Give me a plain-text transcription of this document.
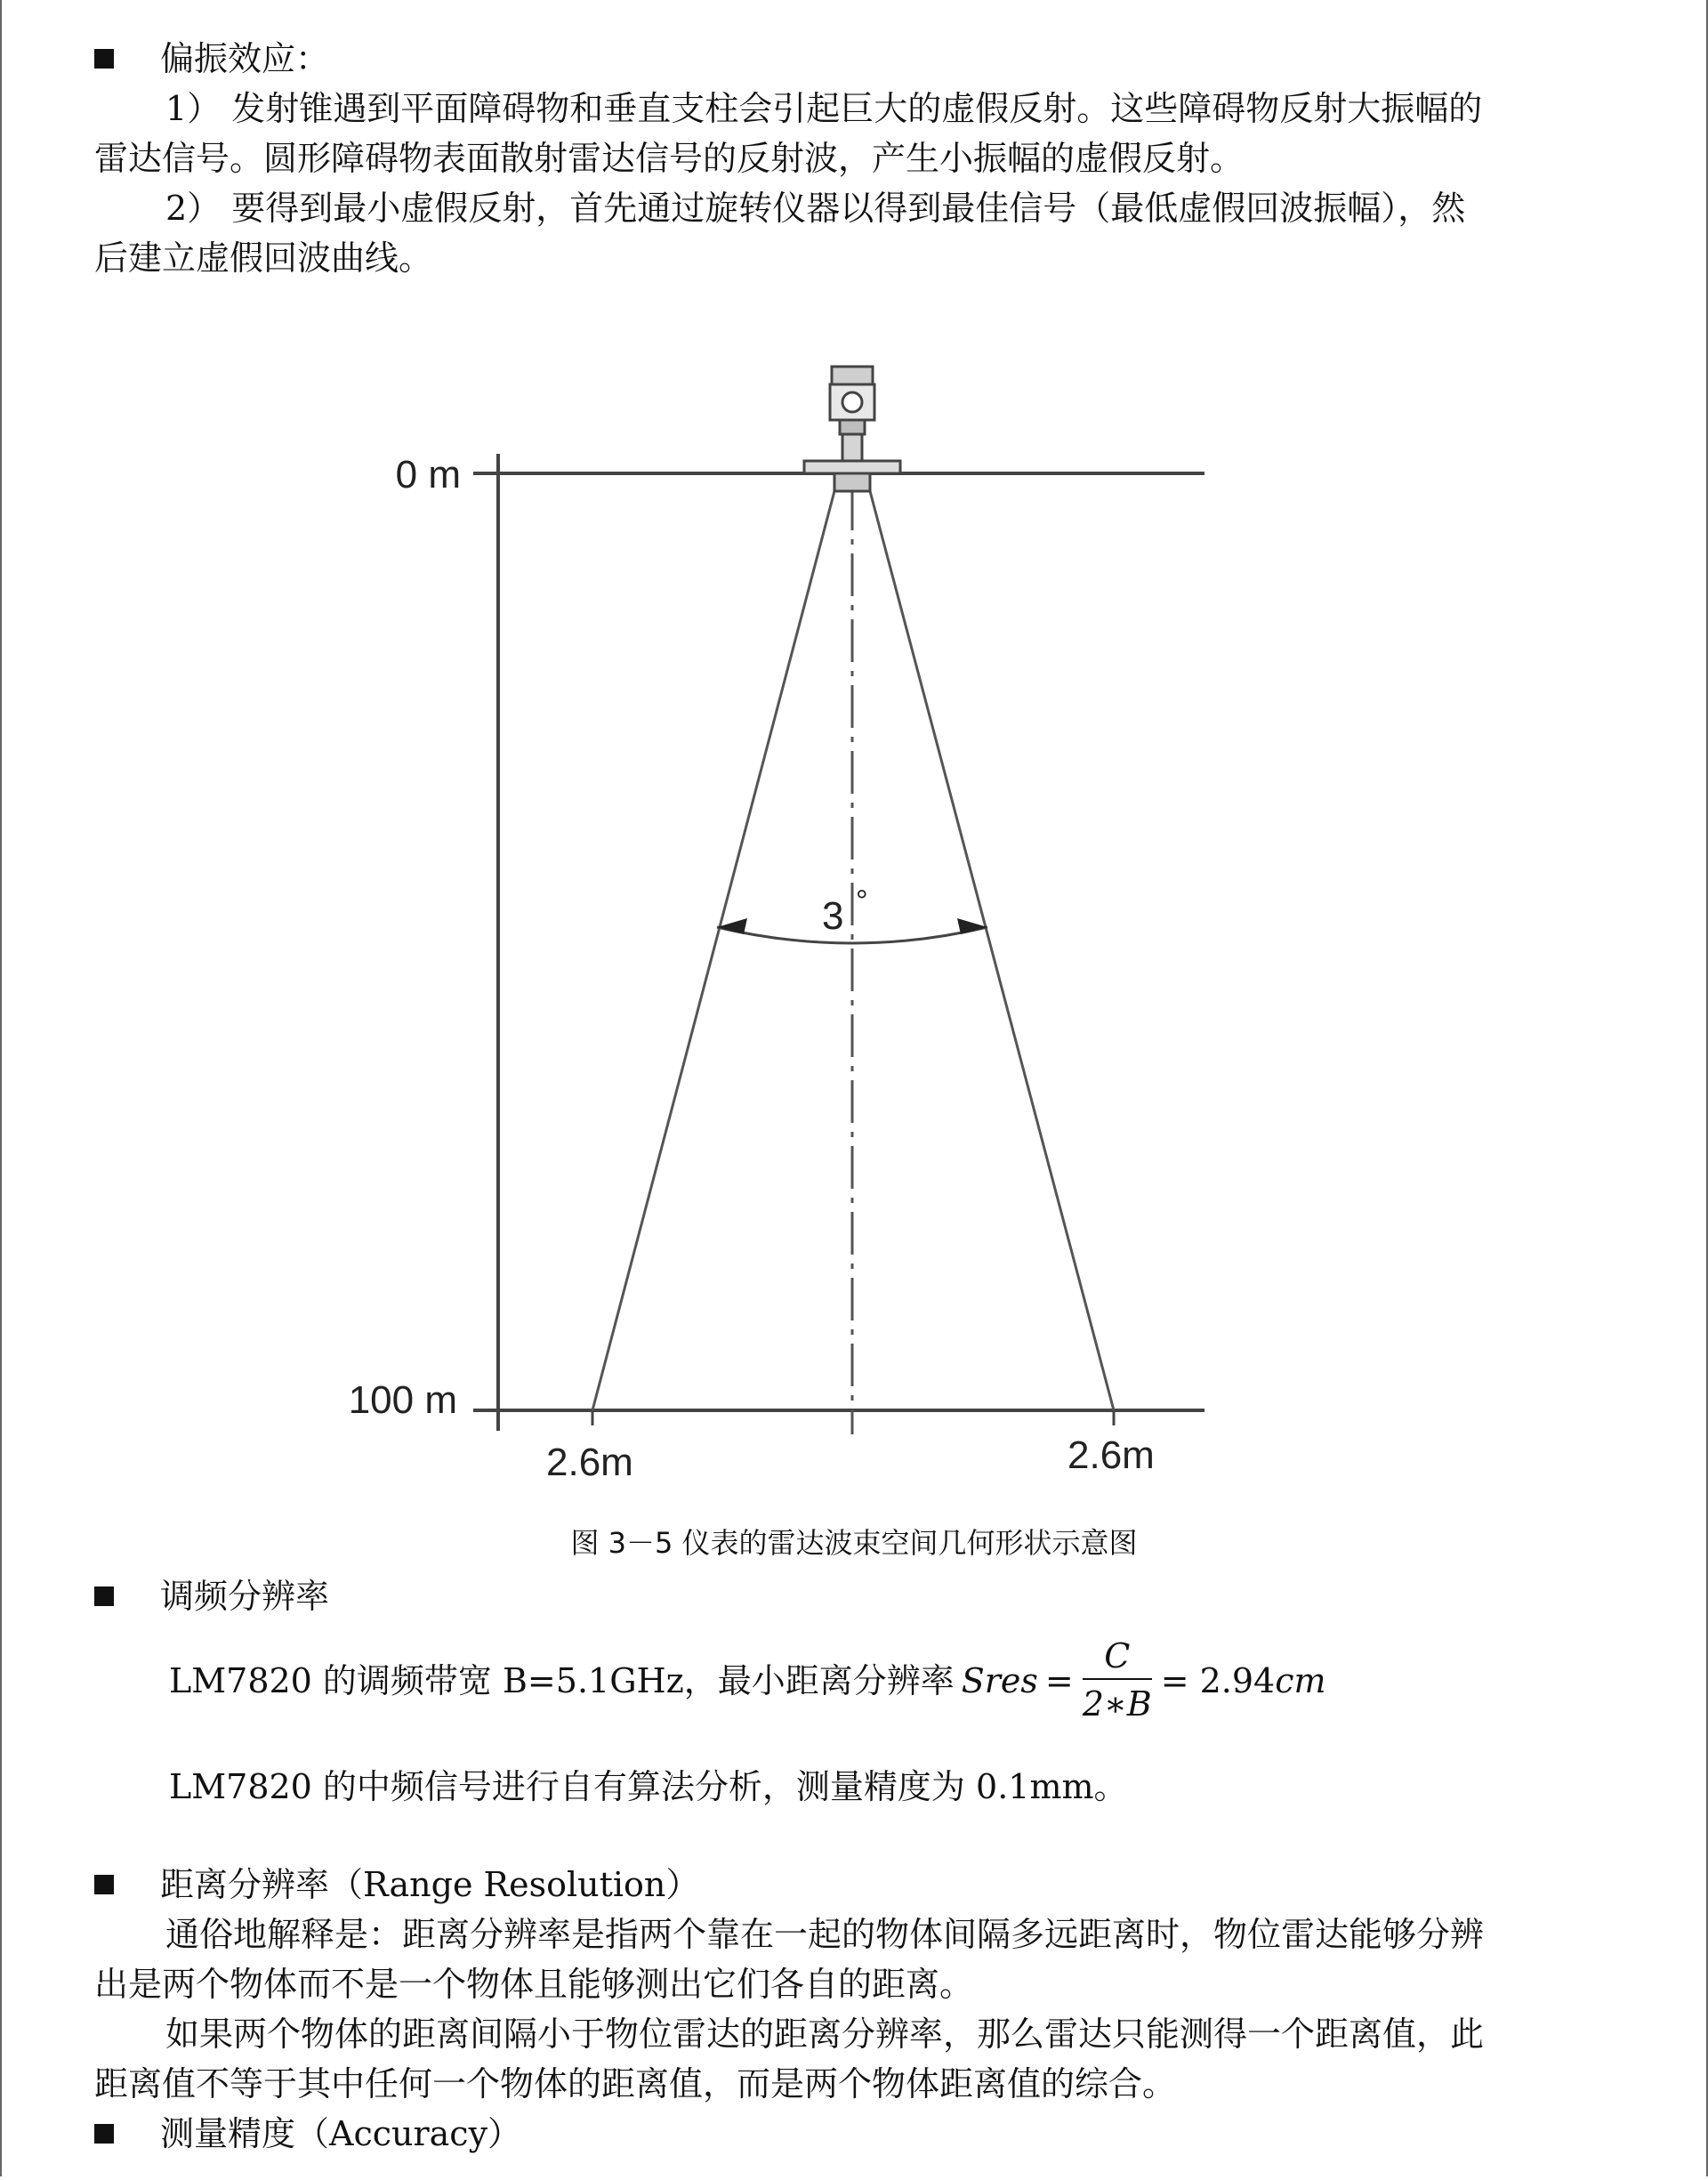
偏振效应：

1） 发射锥遇到平面障碍物和垂直支柱会引起巨大的虚假反射。这些障碍物反射大振幅的

雷达信号。圆形障碍物表面散射雷达信号的反射波，产生小振幅的虚假反射。

2） 要得到最小虚假反射，首先通过旋转仪器以得到最佳信号（最低虚假回波振幅），然

后建立虚假回波曲线。

0 m
100 m
3 °
2.6m	2.6m
图 3－5 仪表的雷达波束空间几何形状示意图
调频分辨率
LM7820 的调频带宽 B=5.1GHz，最小距离分辨率 Sres = $\frac{C}{2∗B} = 2.94$ cm
LM7820 的中频信号进行自有算法分析，测量精度为 0.1mm。
距离分辨率（Range Resolution）

通俗地解释是：距离分辨率是指两个靠在一起的物体间隔多远距离时，物位雷达能够分辨

出是两个物体而不是一个物体且能够测出它们各自的距离。

如果两个物体的距离间隔小于物位雷达的距离分辨率，那么雷达只能测得一个距离值，此

距离值不等于其中任何一个物体的距离值，而是两个物体距离值的综合。

测量精度（Accuracy）
